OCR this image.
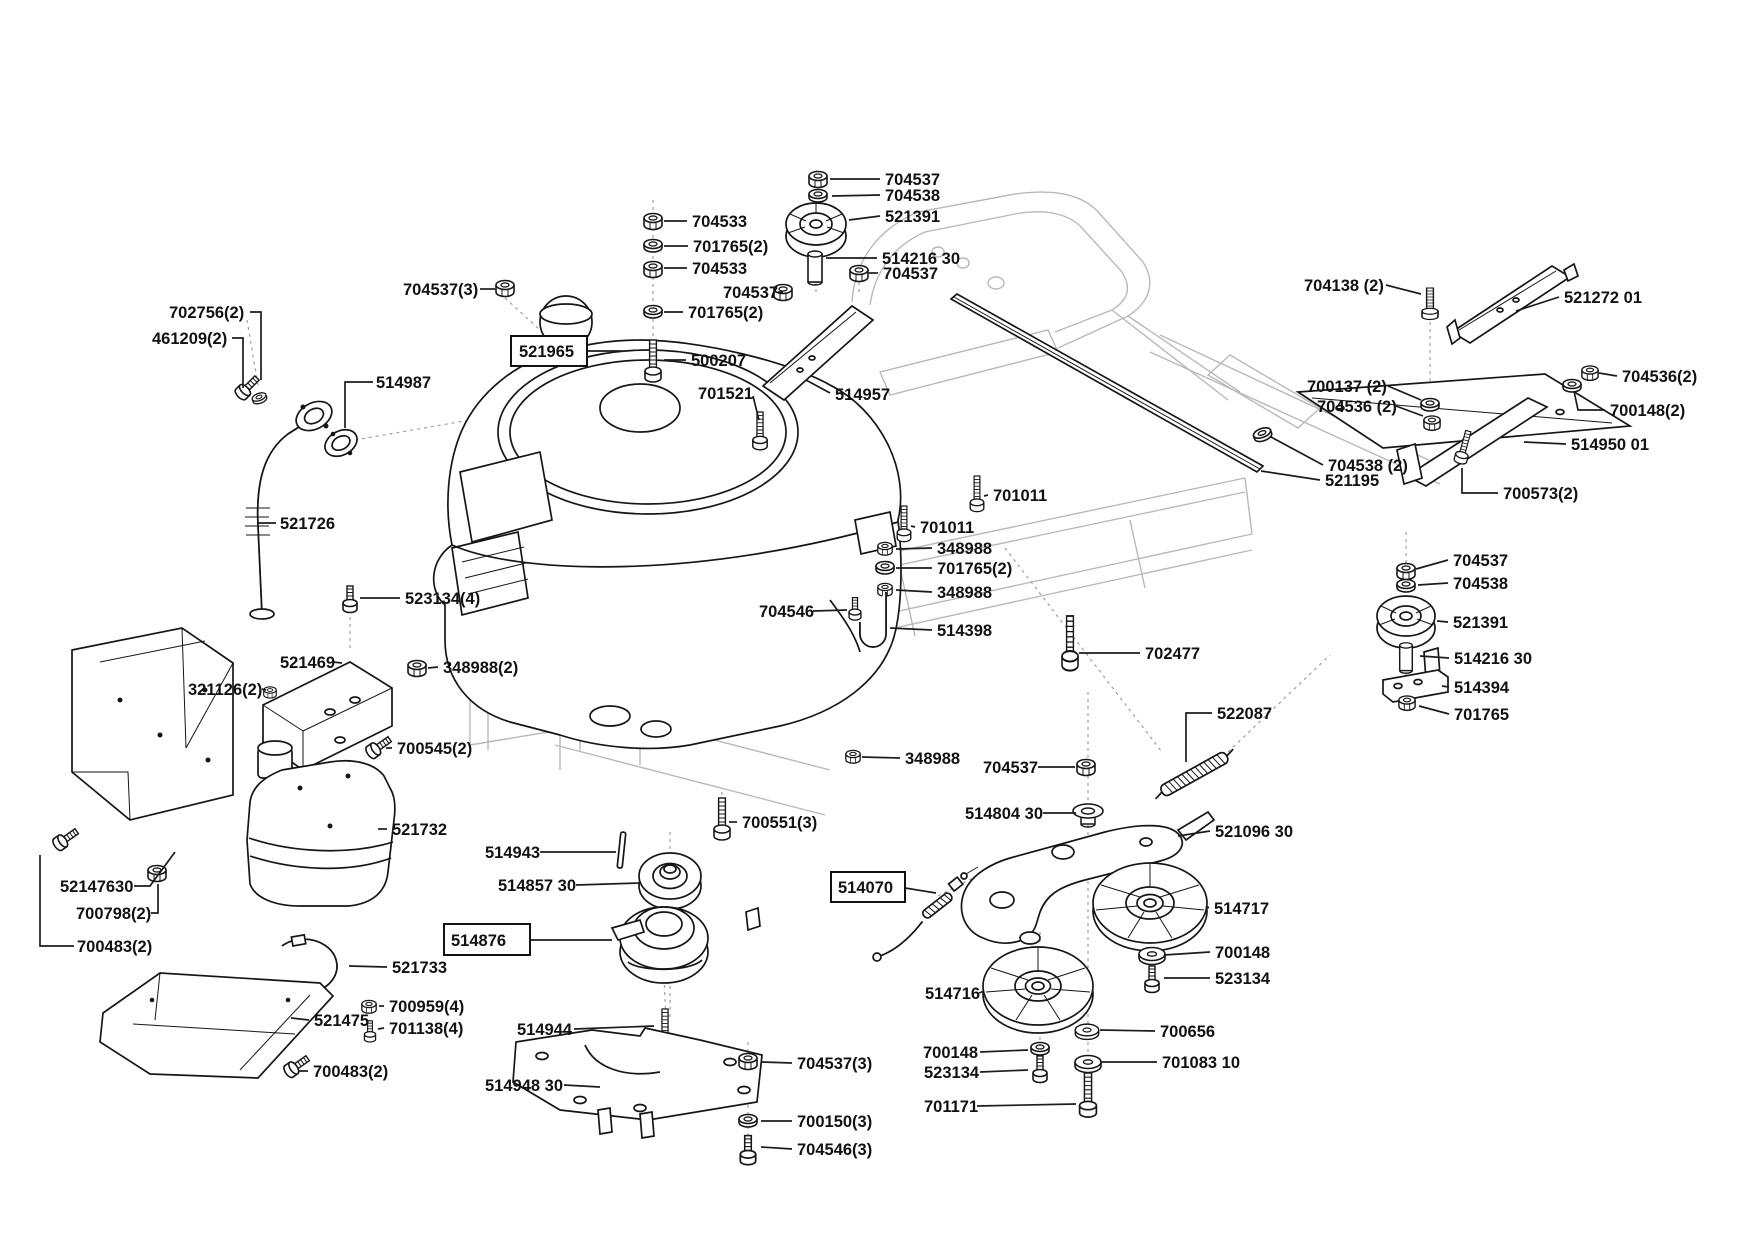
704537
704538
521391
704533
701765(2)
704533
514216 30
704537
704537
701765(2)
500207
701521	514957
704537(3)
702756(2)
461209(2)
514987
521726
521965
523134(4)
521469	348988(2)
321126(2)
700545(2)
700551(3)
514943
514857 30
514876
514944
514948 30
704537(3)
700150(3)
704546(3)
704546
514398
348988
701765(2)
348988
701011
701011
702477
522087
348988 704537
514804 30
521096 30
514070
514717
700148
523134
514716
700656
700148
523134
701083 10
701171
521732
52147630
700798(2)
700483(2)
521733
700959(4)
521475 701138(4)
700483(2)
704138 (2)
521272 01
700137 (2)
704536 (2)
704536(2)
700148(2)
514950 01
704538 (2)
521195
700573(2)
704537
704538
521391
514216 30
514394
701765
